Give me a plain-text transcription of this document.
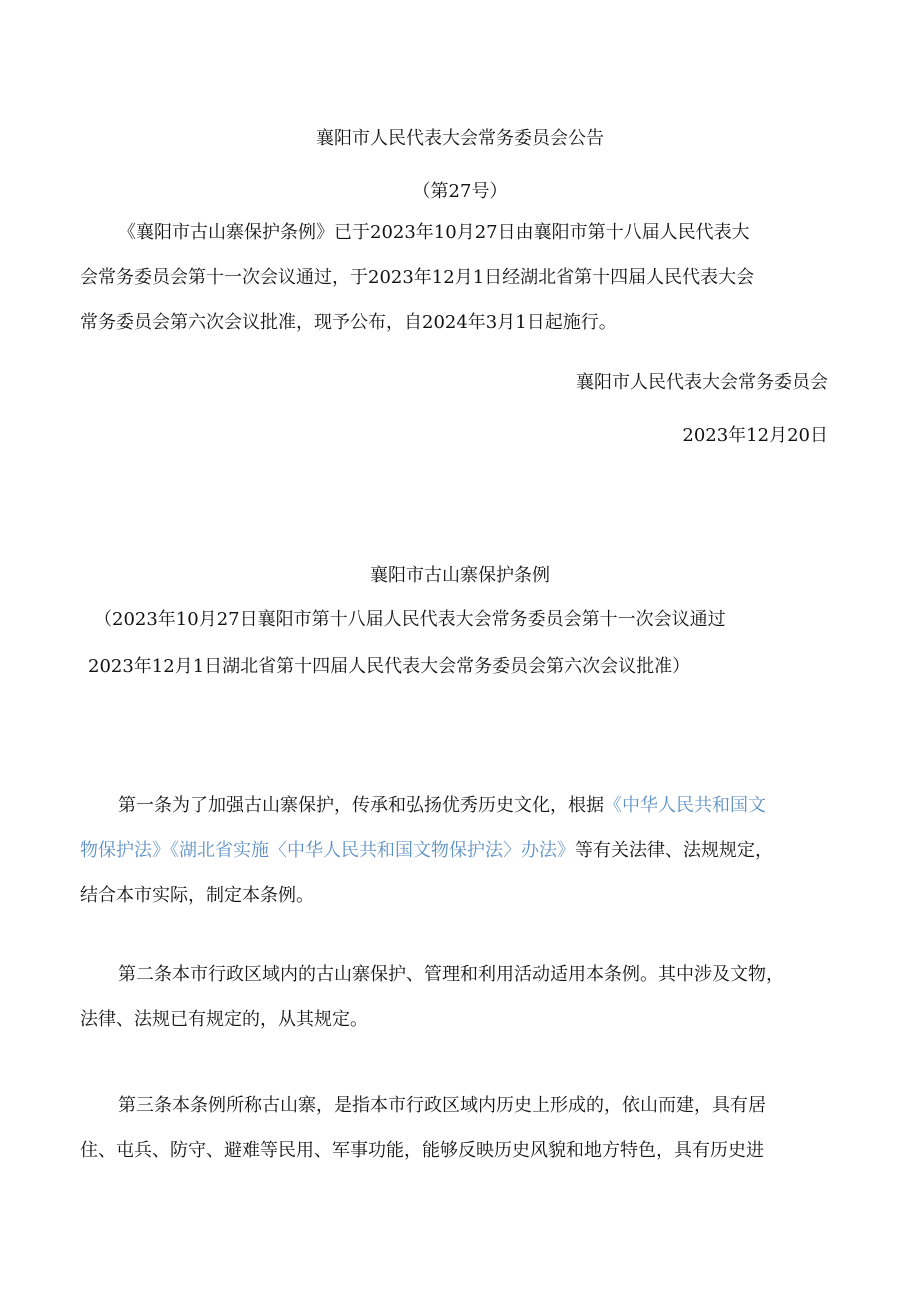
襄阳市人民代表大会常务委员会公告
（第27号）
《襄阳市古山寨保护条例》已于2023年10月27日由襄阳市第十八届人民代表大
会常务委员会第十一次会议通过，于2023年12月1日经湖北省第十四届人民代表大会
常务委员会第六次会议批准，现予公布，自2024年3月1日起施行。
襄阳市人民代表大会常务委员会
2023年12月20日
襄阳市古山寨保护条例
（2023年10月27日襄阳市第十八届人民代表大会常务委员会第十一次会议通过
2023年12月1日湖北省第十四届人民代表大会常务委员会第六次会议批准）
第一条为了加强古山寨保护，传承和弘扬优秀历史文化，根据《中华人民共和国文
物保护法》《湖北省实施〈中华人民共和国文物保护法〉办法》等有关法律、法规规定，
结合本市实际，制定本条例。
第二条本市行政区域内的古山寨保护、管理和利用活动适用本条例。其中涉及文物，
法律、法规已有规定的，从其规定。
第三条本条例所称古山寨，是指本市行政区域内历史上形成的，依山而建，具有居
住、屯兵、防守、避难等民用、军事功能，能够反映历史风貌和地方特色，具有历史进
